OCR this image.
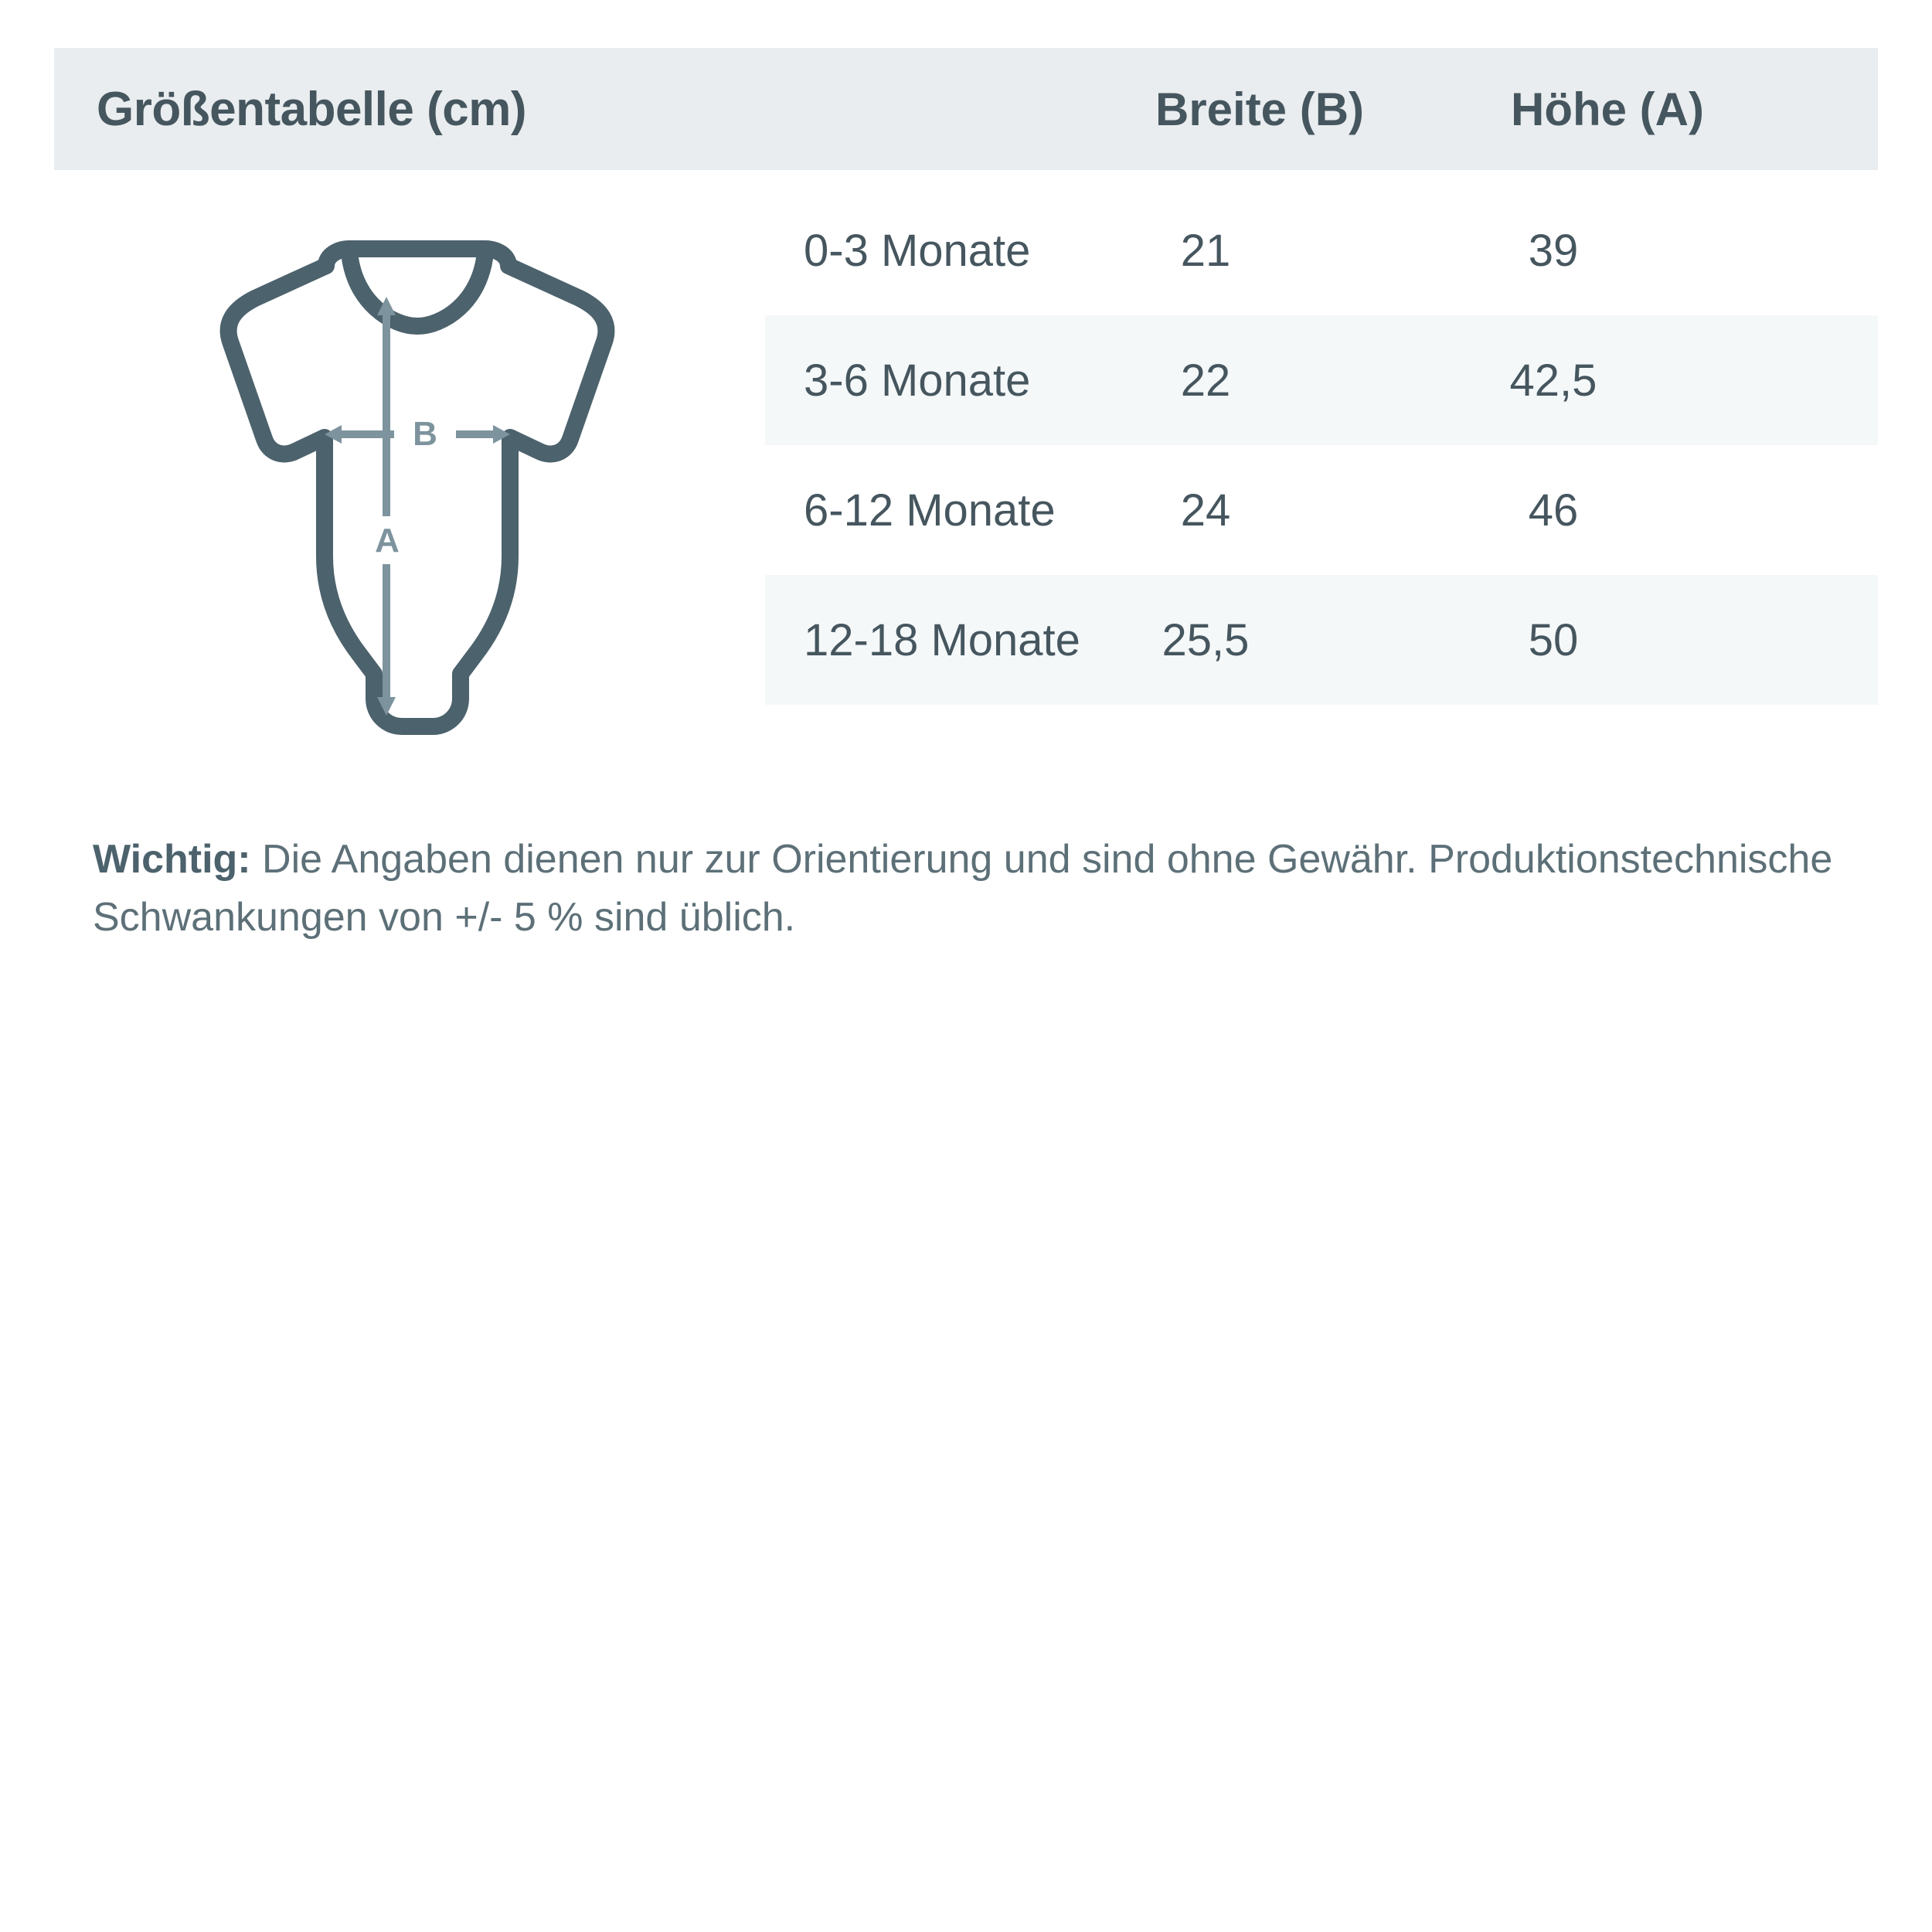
Größentabelle (cm)	Breite (B)	Höhe (A)
B
A
0-3 Monate	21	39
3-6 Monate	22	42,5
6-12 Monate	24	46
12-18 Monate	25,5	50
Wichtig: Die Angaben dienen nur zur Orientierung und sind ohne Gewähr. Produktionstechnische Schwankungen von +/- 5 % sind üblich.
